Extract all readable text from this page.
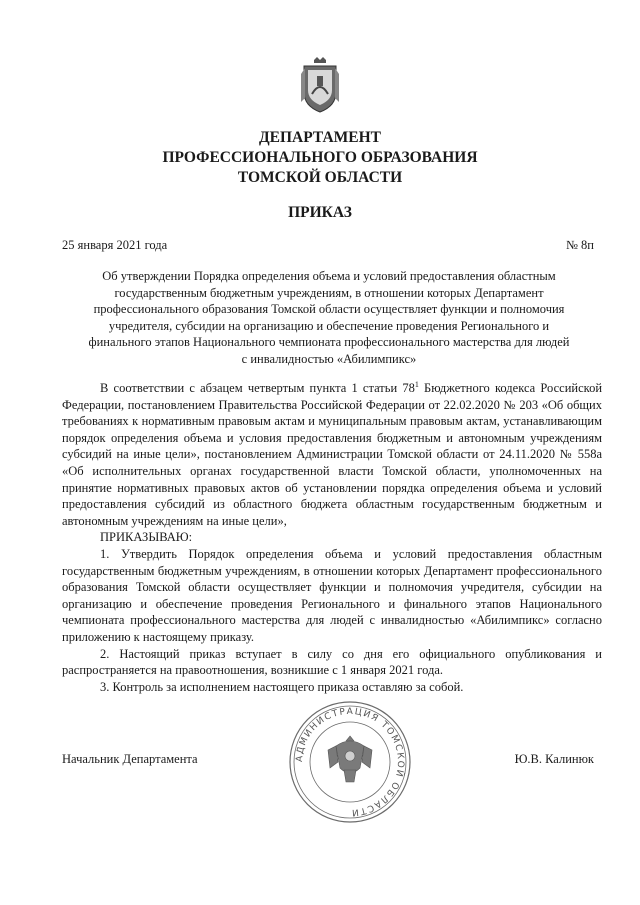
ДЕПАРТАМЕНТ
ПРОФЕССИОНАЛЬНОГО ОБРАЗОВАНИЯ
ТОМСКОЙ ОБЛАСТИ
ПРИКАЗ
25 января 2021 года	№ 8п
Об утверждении Порядка определения объема и условий предоставления областным
государственным бюджетным учреждениям, в отношении которых Департамент
профессионального образования Томской области осуществляет функции и полномочия
учредителя, субсидии на организацию и обеспечение проведения Регионального и
финального этапов Национального чемпионата профессионального мастерства для людей
с инвалидностью «Абилимпикс»

В соответствии с абзацем четвертым пункта 1 статьи $78^1$ Бюджетного кодекса Российской Федерации, постановлением Правительства Российской Федерации от 22.02.2020 № 203 «Об общих требованиях к нормативным правовым актам и муниципальным правовым актам, устанавливающим порядок определения объема и условия предоставления бюджетным и автономным учреждениям субсидий на иные цели», постановлением Администрации Томской области от 24.11.2020 № 558а «Об исполнительных органах государственной власти Томской области, уполномоченных на принятие нормативных правовых актов об установлении порядка определения объема и условий предоставления субсидий из областного бюджета областным государственным бюджетным и автономным учреждениям на иные цели»,

ПРИКАЗЫВАЮ:

1. Утвердить Порядок определения объема и условий предоставления областным государственным бюджетным учреждениям, в отношении которых Департамент профессионального образования Томской области осуществляет функции и полномочия учредителя, субсидии на организацию и обеспечение проведения Регионального и финального этапов Национального чемпионата профессионального мастерства для людей с инвалидностью «Абилимпикс» согласно приложению к настоящему приказу.

2. Настоящий приказ вступает в силу со дня его официального опубликования и распространяется на правоотношения, возникшие с 1 января 2021 года.

3. Контроль за исполнением настоящего приказа оставляю за собой.

АДМИНИСТРАЦИЯ ТОМСКОЙ ОБЛАСТИ
Начальник Департамента	Ю.В. Калинюк
